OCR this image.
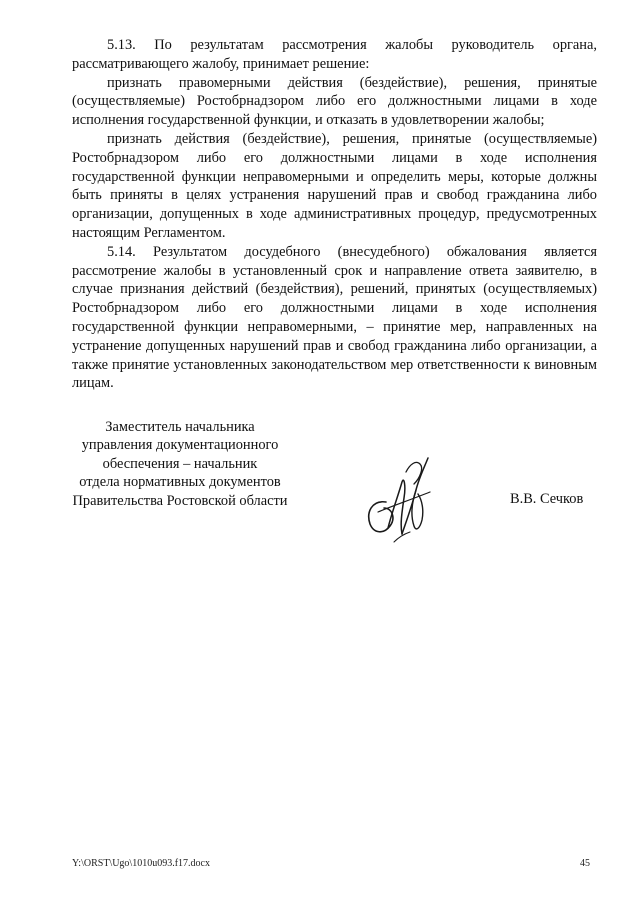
5.13. По результатам рассмотрения жалобы руководитель органа, рассматривающего жалобу, принимает решение:

признать правомерными действия (бездействие), решения, принятые (осуществляемые) Ростобрнадзором либо его должностными лицами в ходе исполнения государственной функции, и отказать в удовлетворении жалобы;

признать действия (бездействие), решения, принятые (осуществляемые) Ростобрнадзором либо его должностными лицами в ходе исполнения государственной функции неправомерными и определить меры, которые должны быть приняты в целях устранения нарушений прав и свобод гражданина либо организации, допущенных в ходе административных процедур, предусмотренных настоящим Регламентом.

5.14. Результатом досудебного (внесудебного) обжалования является рассмотрение жалобы в установленный срок и направление ответа заявителю, в случае признания действий (бездействия), решений, принятых (осуществляемых) Ростобрнадзором либо его должностными лицами в ходе исполнения государственной функции неправомерными, – принятие мер, направленных на устранение допущенных нарушений прав и свобод гражданина либо организации, а также принятие установленных законодательством мер ответственности к виновным лицам.

Заместитель начальника
управления документационного
обеспечения – начальник
отдела нормативных документов
Правительства Ростовской области	В.В. Сечков
Y:\ORST\Ugo\1010u093.f17.docx	45
